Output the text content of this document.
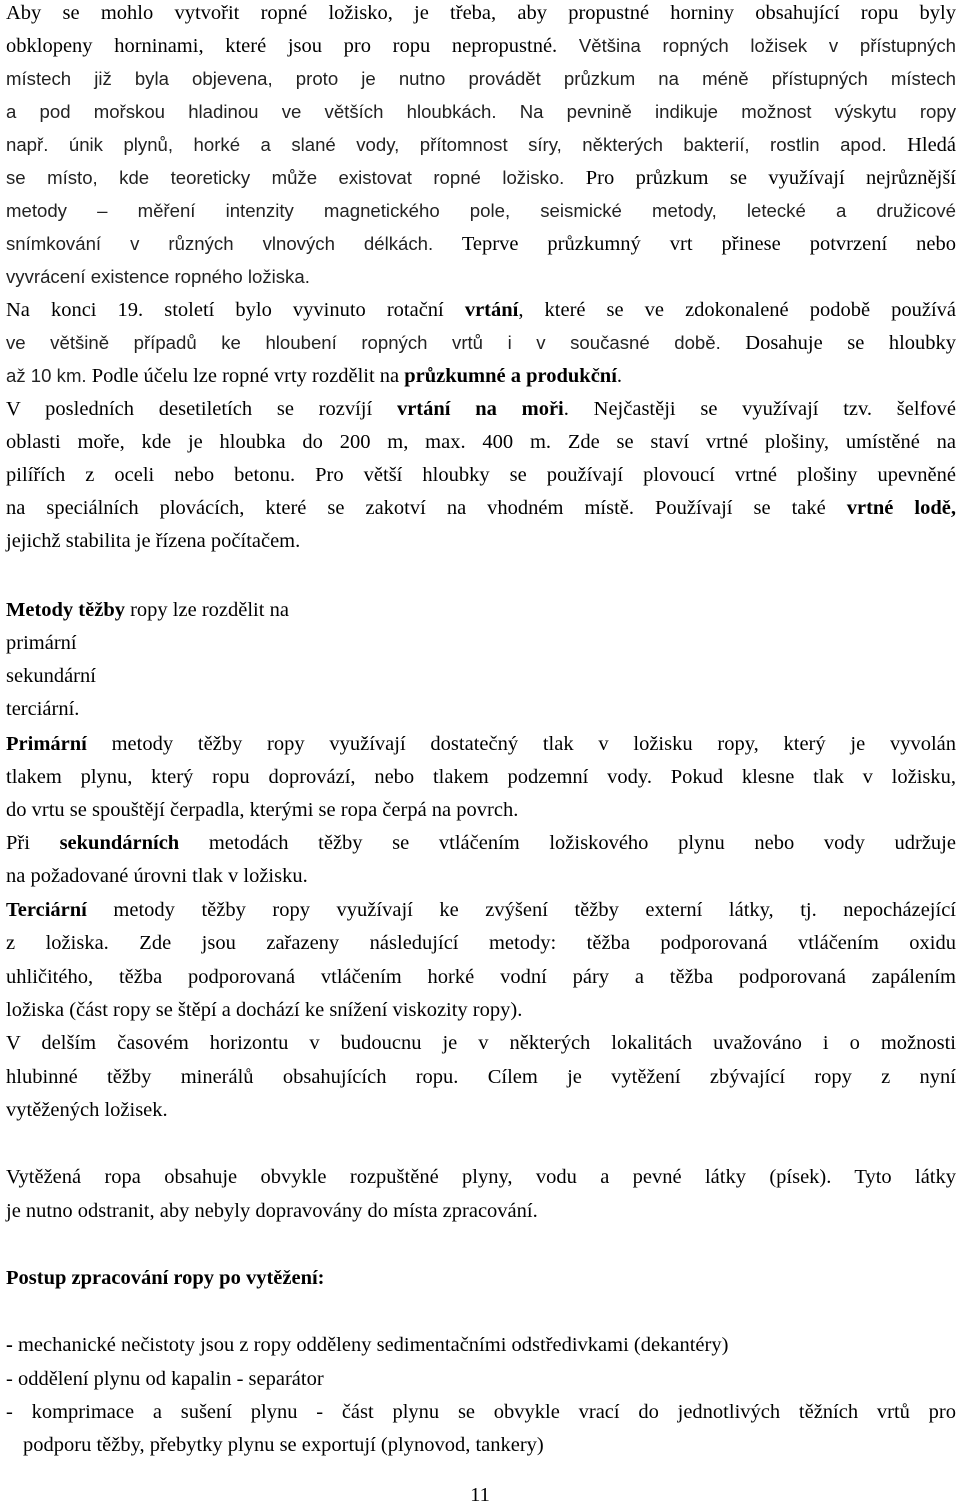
Aby se mohlo vytvořit ropné ložisko, je třeba, aby propustné horniny obsahující ropu byly
obklopeny horninami, které jsou pro ropu nepropustné. Většina ropných ložisek v přístupných
místech již byla objevena, proto je nutno provádět průzkum na méně přístupných místech
a pod mořskou hladinou ve větších hloubkách. Na pevnině indikuje možnost výskytu ropy
např. únik plynů, horké a slané vody, přítomnost síry, některých bakterií, rostlin apod. Hledá
se místo, kde teoreticky může existovat ropné ložisko. Pro průzkum se využívají nejrůznější
metody – měření intenzity magnetického pole, seismické metody, letecké a družicové
snímkování v různých vlnových délkách. Teprve průzkumný vrt přinese potvrzení nebo
vyvrácení existence ropného ložiska.
Na konci 19. století bylo vyvinuto rotační vrtání, které se ve zdokonalené podobě používá
ve většině případů ke hloubení ropných vrtů i v současné době. Dosahuje se hloubky
až 10 km. Podle účelu lze ropné vrty rozdělit na průzkumné a produkční.
V posledních desetiletích se rozvíjí vrtání na moři. Nejčastěji se využívají tzv. šelfové
oblasti moře, kde je hloubka do 200 m, max. 400 m. Zde se staví vrtné plošiny, umístěné na
pilířích z oceli nebo betonu. Pro větší hloubky se používají plovoucí vrtné plošiny upevněné
na speciálních plovácích, které se zakotví na vhodném místě. Používají se také vrtné lodě,
jejichž stabilita je řízena počítačem.
Metody těžby ropy lze rozdělit na
primární
sekundární
terciární.
Primární metody těžby ropy využívají dostatečný tlak v ložisku ropy, který je vyvolán
tlakem plynu, který ropu doprovází, nebo tlakem podzemní vody. Pokud klesne tlak v ložisku,
do vrtu se spouštějí čerpadla, kterými se ropa čerpá na povrch.
Při sekundárních metodách těžby se vtláčením ložiskového plynu nebo vody udržuje
na požadované úrovni tlak v ložisku.
Terciární metody těžby ropy využívají ke zvýšení těžby externí látky, tj. nepocházející
z ložiska. Zde jsou zařazeny následující metody: těžba podporovaná vtláčením oxidu
uhličitého, těžba podporovaná vtláčením horké vodní páry a těžba podporovaná zapálením
ložiska (část ropy se štěpí a dochází ke snížení viskozity ropy).
V delším časovém horizontu v budoucnu je v některých lokalitách uvažováno i o možnosti
hlubinné těžby minerálů obsahujících ropu. Cílem je vytěžení zbývající ropy z nyní
vytěžených ložisek.
Vytěžená ropa obsahuje obvykle rozpuštěné plyny, vodu a pevné látky (písek). Tyto látky
je nutno odstranit, aby nebyly dopravovány do místa zpracování.
Postup zpracování ropy po vytěžení:
- mechanické nečistoty jsou z ropy odděleny sedimentačními odstředivkami (dekantéry)
- oddělení plynu od kapalin - separátor
- komprimace a sušení plynu - část plynu se obvykle vrací do jednotlivých těžních vrtů pro
podporu těžby, přebytky plynu se exportují (plynovod, tankery)
11
